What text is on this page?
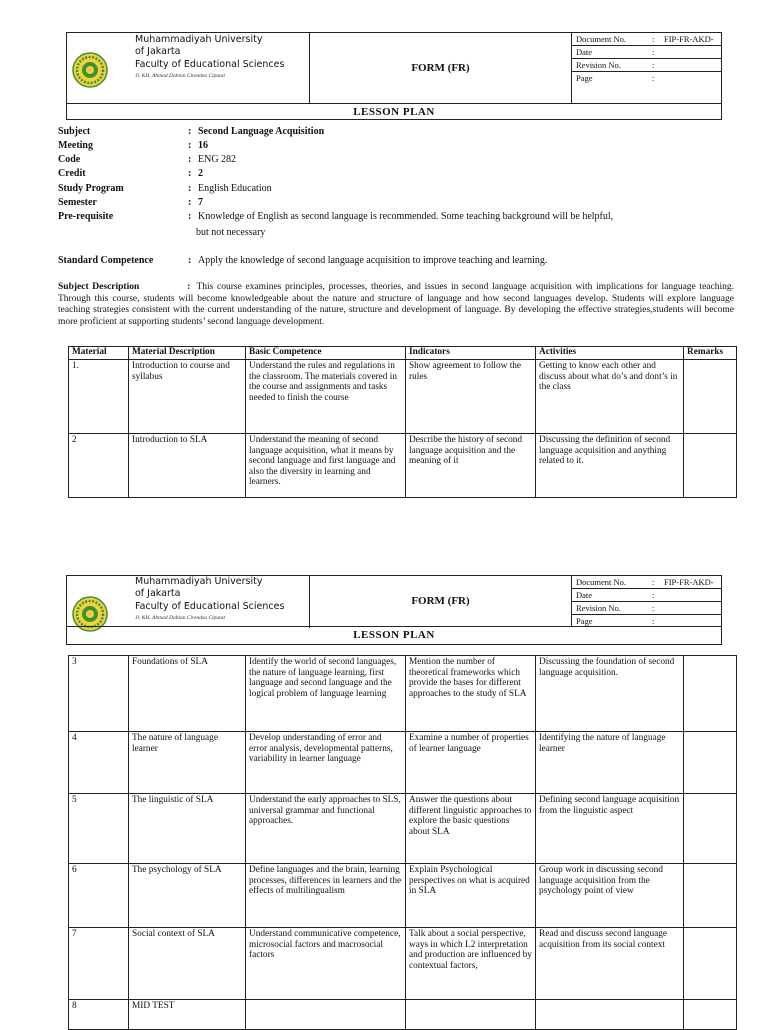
Muhammadiyah University
of Jakarta
Faculty of Educational Sciences
Jl. KH. Ahmad Dahlan Cirendeu Ciputat
FORM (FR)
Document No.	: FIP-FR-AKD-
Date	:
Revision No.	:
Page	:
LESSON PLAN
Subject	: Second Language Acquisition
Meeting	: 16
Code	: ENG 282
Credit	: 2
Study Program	: English Education
Semester	: 7
Pre-requisite	: Knowledge of English as second language is recommended. Some teaching background will be helpful,
but not necessary
Standard Competence	: Apply the knowledge of second language acquisition to improve teaching and learning.
Subject Description	: This course examines principles, processes, theories, and issues in second language acquisition with implications for language teaching. Through this course, students will become knowledgeable about the nature and structure of language and how second languages develop. Students will explore language teaching strategies consistent with the current understanding of the nature, structure and development of language. By developing the effective strategies,students will become more proficient at supporting students’ second language development.
Material	Material Description	Basic Competence	Indicators	Activities	Remarks
1.	Introduction to course and syllabus	Understand the rules and regulations in the classroom. The materials covered in the course and assignments and tasks needed to finish the course	Show agreement to follow the rules	Getting to know each other and discuss about what do’s and dont’s in the class	
2	Introduction to SLA	Understand the meaning of second language acquisition, what it means by second language and first language and also the diversity in learning and learners.	Describe the history of second language acquisition and the meaning of it	Discussing the definition of second language acquisition and anything related to it.	
Muhammadiyah University
of Jakarta
Faculty of Educational Sciences
Jl. KH. Ahmad Dahlan Cirendeu Ciputat
FORM (FR)
Document No.	: FIP-FR-AKD-
Date	:
Revision No.	:
Page	:
LESSON PLAN
3	Foundations of SLA	Identify the world of second languages, the nature of language learning, first language and second language and the logical problem of language learning	Mention the number of theoretical frameworks which provide the bases for different approaches to the study of SLA	Discussing the foundation of second language acquisition.	
4	The nature of language learner	Develop understanding of error and error analysis, developmental patterns, variability in learner language	Examine a number of properties of learner language	Identifying the nature of language learner	
5	The linguistic of SLA	Understand the early approaches to SLS, universal grammar and functional approaches.	Answer the questions about different linguistic approaches to explore the basic questions about SLA	Defining second language acquisition from the linguistic aspect	
6	The psychology of SLA	Define languages and the brain, learning processes, differences in learners and the effects of multilingualism	Explain Psychological perspectives on what is acquired in SLA	Group work in discussing second language acquisition from the psychology point of view	
7	Social context of SLA	Understand communicative competence, microsocial factors and macrosocial factors	Talk about a social perspective, ways in which L2 interpretation and production are influenced by contextual factors,	Read and discuss second language acquisition from its social context	
8	MID TEST				
